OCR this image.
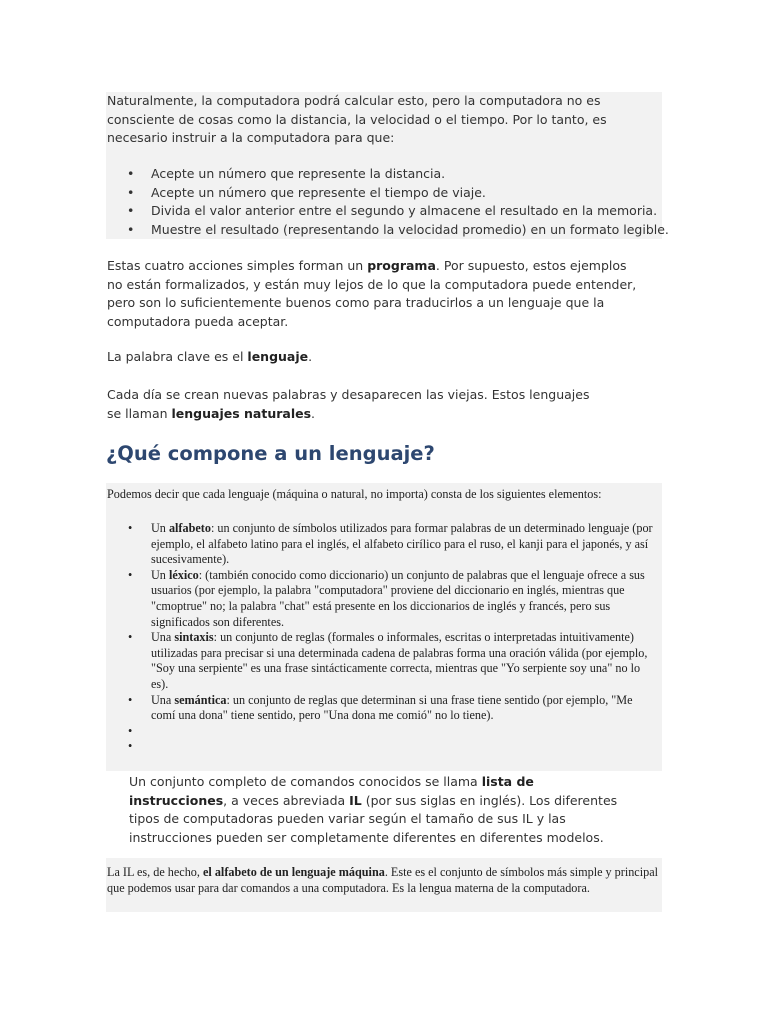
Naturalmente, la computadora podrá calcular esto, pero la computadora no es consciente de cosas como la distancia, la velocidad o el tiempo. Por lo tanto, es necesario instruir a la computadora para que:

• Acepte un número que represente la distancia.
• Acepte un número que represente el tiempo de viaje.
• Divida el valor anterior entre el segundo y almacene el resultado en la memoria.
• Muestre el resultado (representando la velocidad promedio) en un formato legible.

Estas cuatro acciones simples forman un programa. Por supuesto, estos ejemplos no están formalizados, y están muy lejos de lo que la computadora puede entender, pero son lo suficientemente buenos como para traducirlos a un lenguaje que la computadora pueda aceptar.

La palabra clave es el lenguaje.

Cada día se crean nuevas palabras y desaparecen las viejas. Estos lenguajes se llaman lenguajes naturales.

¿Qué compone a un lenguaje?

Podemos decir que cada lenguaje (máquina o natural, no importa) consta de los siguientes elementos:

• Un alfabeto: un conjunto de símbolos utilizados para formar palabras de un determinado lenguaje (por ejemplo, el alfabeto latino para el inglés, el alfabeto cirílico para el ruso, el kanji para el japonés, y así sucesivamente).
• Un léxico: (también conocido como diccionario) un conjunto de palabras que el lenguaje ofrece a sus usuarios (por ejemplo, la palabra "computadora" proviene del diccionario en inglés, mientras que "cmoptrue" no; la palabra "chat" está presente en los diccionarios de inglés y francés, pero sus significados son diferentes.
• Una sintaxis: un conjunto de reglas (formales o informales, escritas o interpretadas intuitivamente) utilizadas para precisar si una determinada cadena de palabras forma una oración válida (por ejemplo, "Soy una serpiente" es una frase sintácticamente correcta, mientras que "Yo serpiente soy una" no lo es).
• Una semántica: un conjunto de reglas que determinan si una frase tiene sentido (por ejemplo, "Me comí una dona" tiene sentido, pero "Una dona me comió" no lo tiene).
•
•

Un conjunto completo de comandos conocidos se llama lista de instrucciones, a veces abreviada IL (por sus siglas en inglés). Los diferentes tipos de computadoras pueden variar según el tamaño de sus IL y las instrucciones pueden ser completamente diferentes en diferentes modelos.

La IL es, de hecho, el alfabeto de un lenguaje máquina. Este es el conjunto de símbolos más simple y principal que podemos usar para dar comandos a una computadora. Es la lengua materna de la computadora.
